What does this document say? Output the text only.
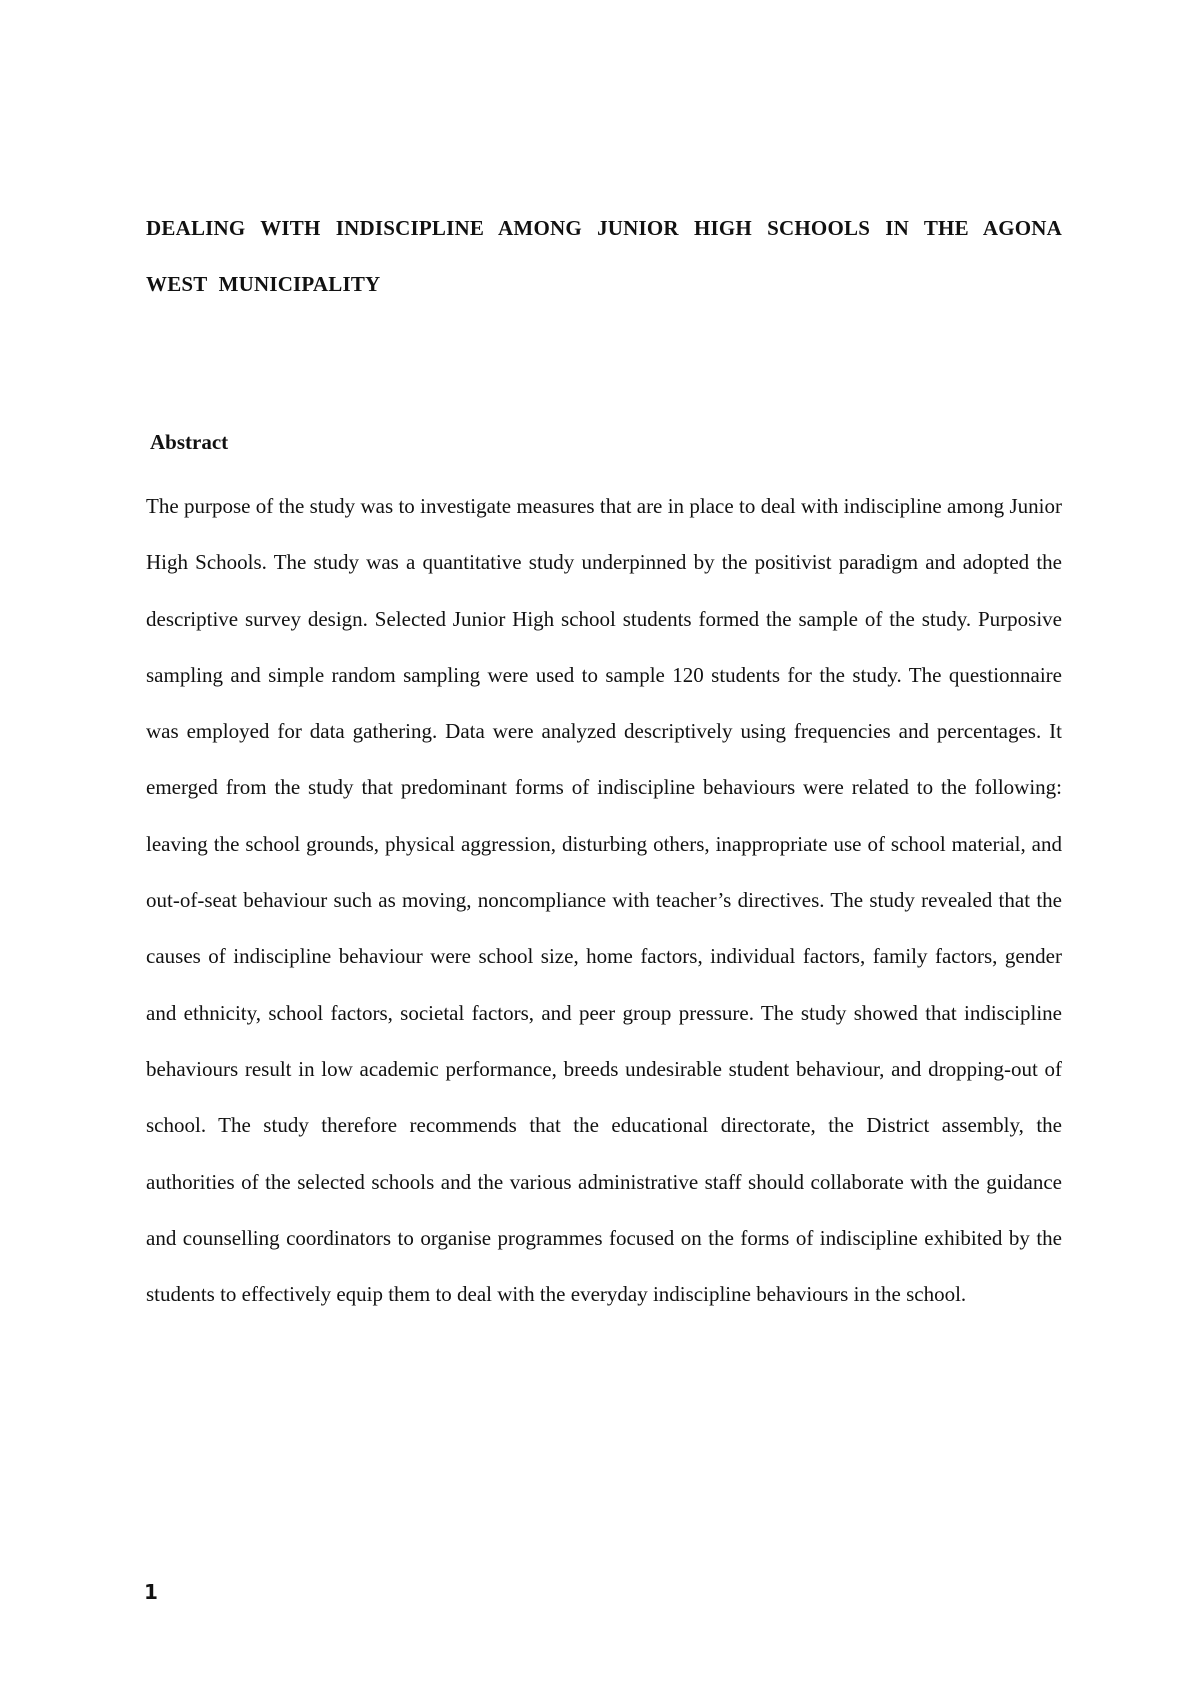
DEALING WITH INDISCIPLINE AMONG JUNIOR HIGH SCHOOLS IN THE AGONA WEST MUNICIPALITY
Abstract

The purpose of the study was to investigate measures that are in place to deal with indiscipline among Junior High Schools. The study was a quantitative study underpinned by the positivist paradigm and adopted the descriptive survey design. Selected Junior High school students formed the sample of the study. Purposive sampling and simple random sampling were used to sample 120 students for the study. The questionnaire was employed for data gathering. Data were analyzed descriptively using frequencies and percentages. It emerged from the study that predominant forms of indiscipline behaviours were related to the following: leaving the school grounds, physical aggression, disturbing others, inappropriate use of school material, and out-of-seat behaviour such as moving, noncompliance with teacher’s directives. The study revealed that the causes of indiscipline behaviour were school size, home factors, individual factors, family factors, gender and ethnicity, school factors, societal factors, and peer group pressure. The study showed that indiscipline behaviours result in low academic performance, breeds undesirable student behaviour, and dropping-out of school. The study therefore recommends that the educational directorate, the District assembly, the authorities of the selected schools and the various administrative staff should collaborate with the guidance and counselling coordinators to organise programmes focused on the forms of indiscipline exhibited by the students to effectively equip them to deal with the everyday indiscipline behaviours in the school.

1
